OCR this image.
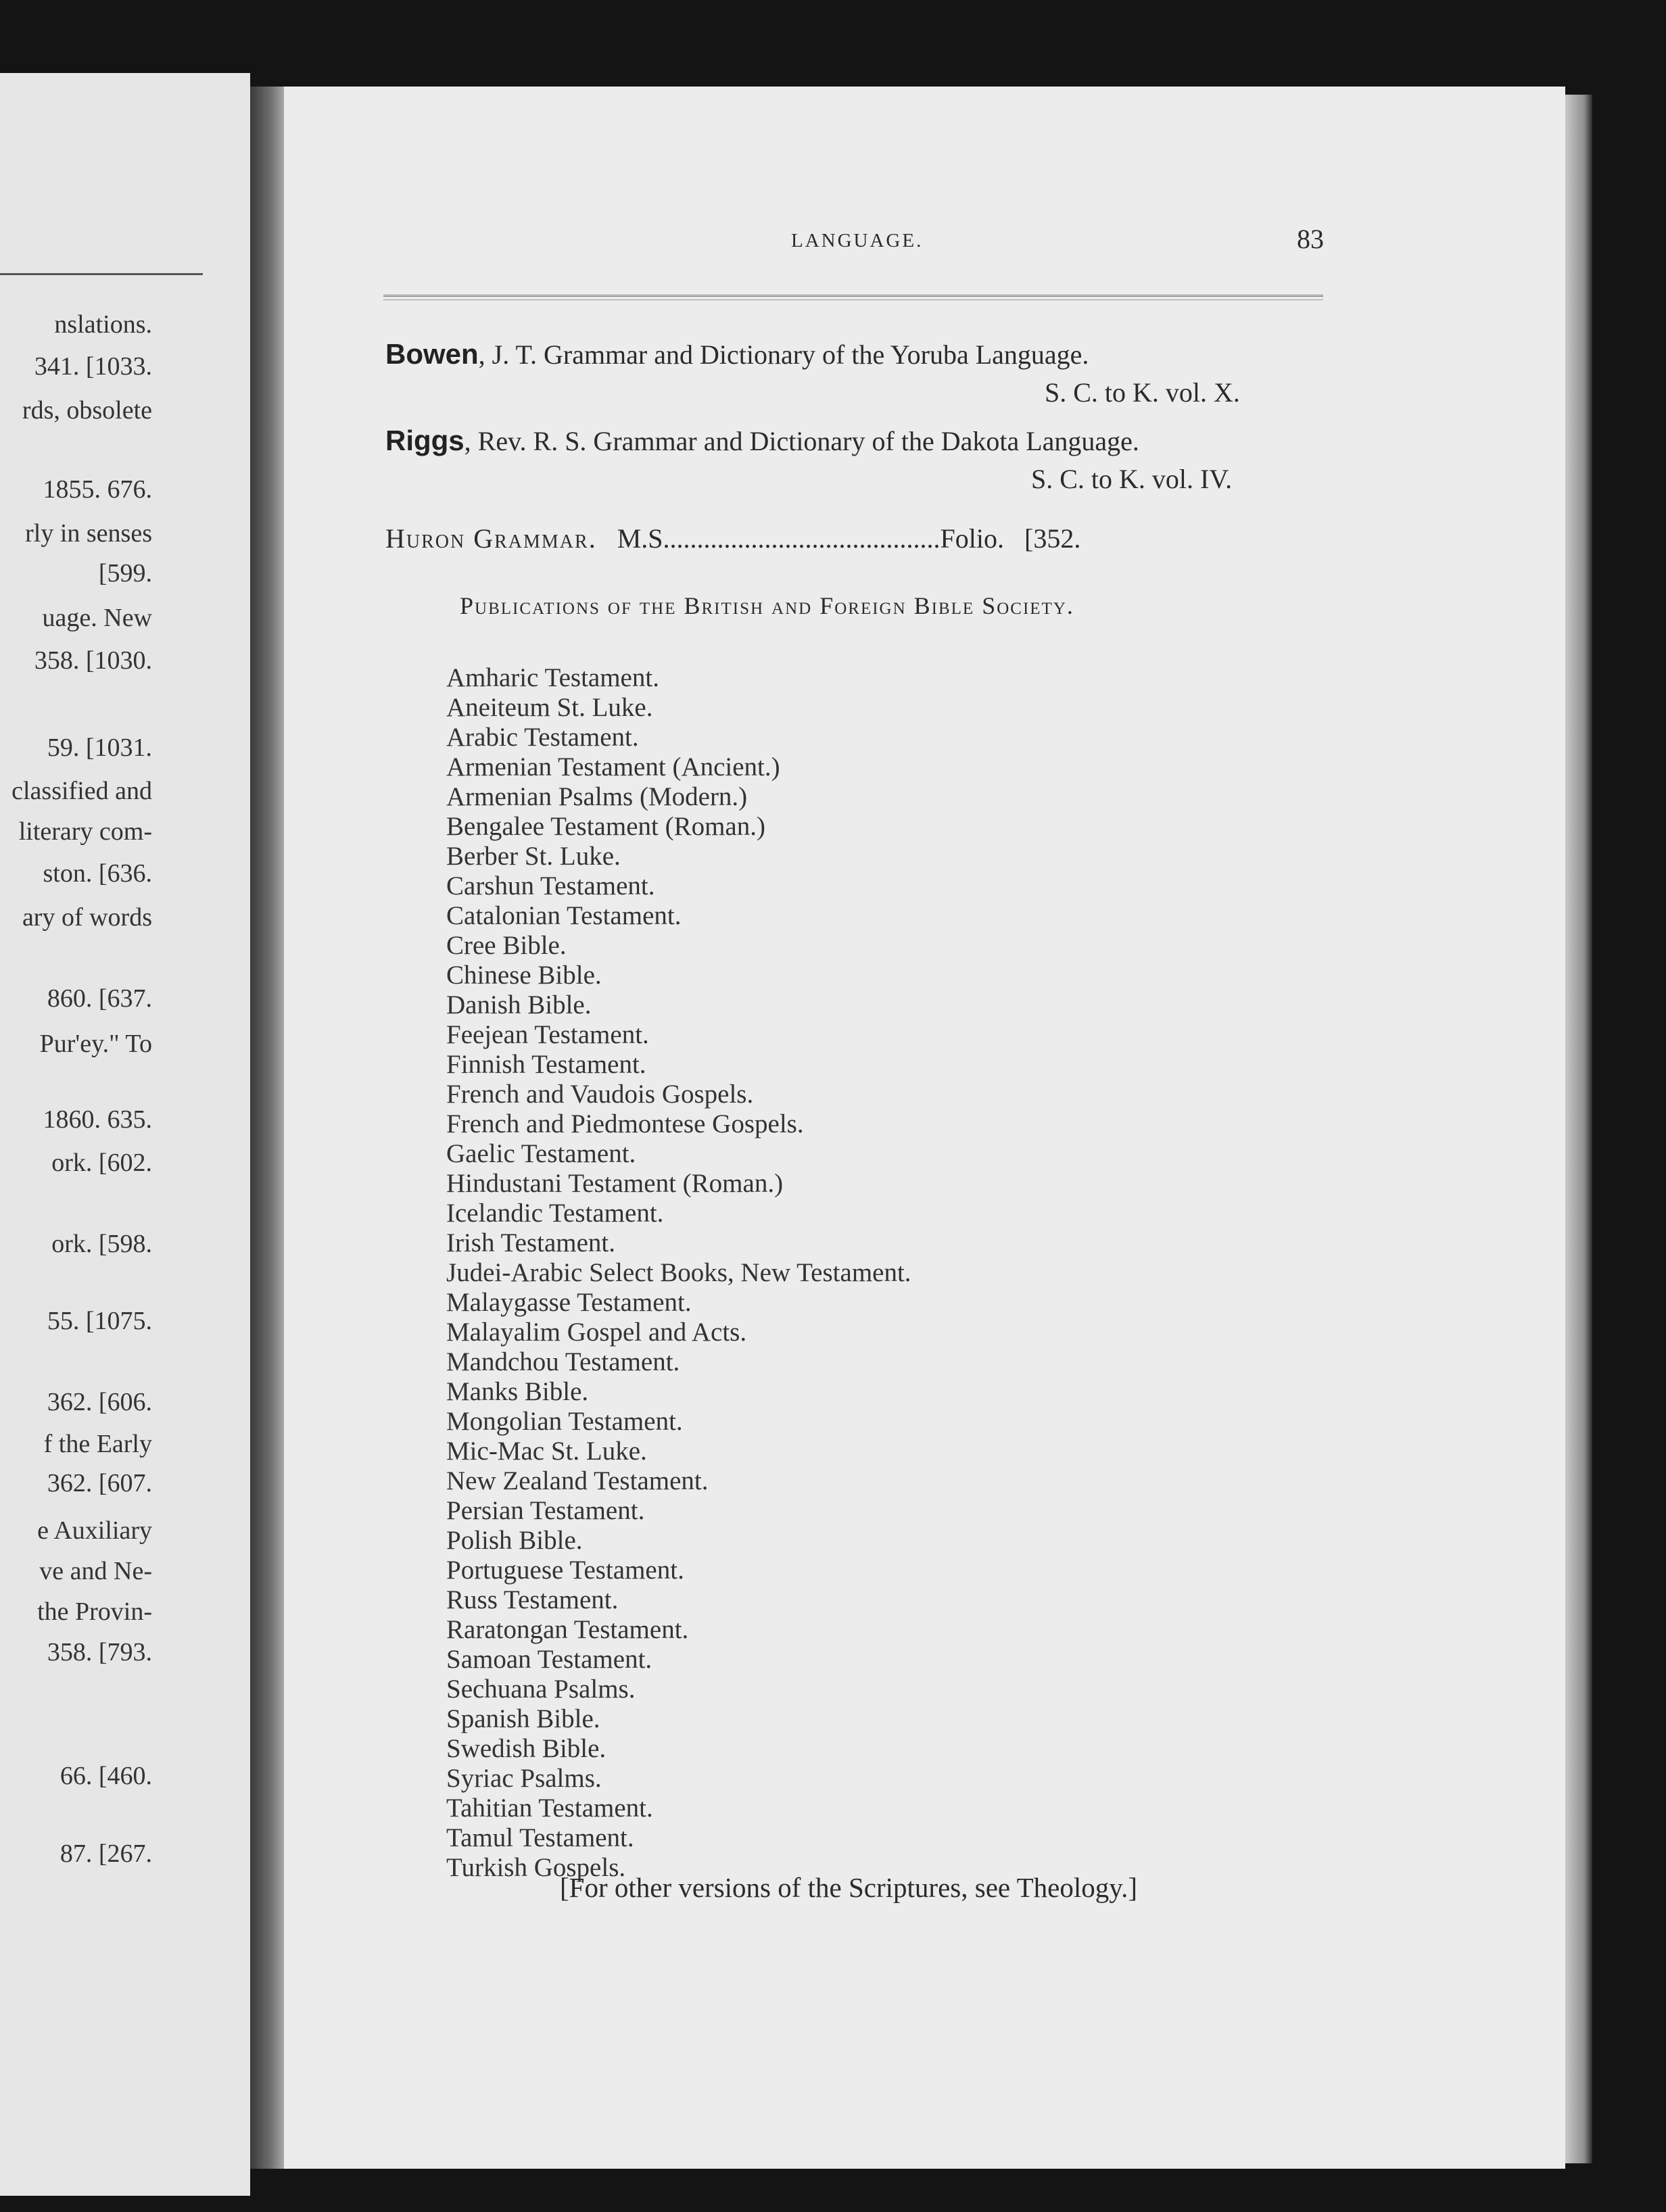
nslations.
341. [1033.
rds, obsolete
1855. 676.
rly in senses
[599.
uage. New
358. [1030.
59. [1031.
classified and
literary com-
ston. [636.
ary of words
860. [637.
Pur'ey." To
1860. 635.
ork. [602.
ork. [598.
55. [1075.
362. [606.
f the Early
362. [607.
e Auxiliary
ve and Ne-
the Provin-
358. [793.
66. [460.
87. [267.
LANGUAGE.	83
Bowen, J. T. Grammar and Dictionary of the Yoruba Language.
S. C. to K. vol. X.
Riggs, Rev. R. S. Grammar and Dictionary of the Dakota Language.
S. C. to K. vol. IV.
Huron Grammar. M.S.........................................Folio. [352.
Publications of the British and Foreign Bible Society.
Amharic Testament.
Aneiteum St. Luke.
Arabic Testament.
Armenian Testament (Ancient.)
Armenian Psalms (Modern.)
Bengalee Testament (Roman.)
Berber St. Luke.
Carshun Testament.
Catalonian Testament.
Cree Bible.
Chinese Bible.
Danish Bible.
Feejean Testament.
Finnish Testament.
French and Vaudois Gospels.
French and Piedmontese Gospels.
Gaelic Testament.
Hindustani Testament (Roman.)
Icelandic Testament.
Irish Testament.
Judei-Arabic Select Books, New Testament.
Malaygasse Testament.
Malayalim Gospel and Acts.
Mandchou Testament.
Manks Bible.
Mongolian Testament.
Mic-Mac St. Luke.
New Zealand Testament.
Persian Testament.
Polish Bible.
Portuguese Testament.
Russ Testament.
Raratongan Testament.
Samoan Testament.
Sechuana Psalms.
Spanish Bible.
Swedish Bible.
Syriac Psalms.
Tahitian Testament.
Tamul Testament.
Turkish Gospels.
[For other versions of the Scriptures, see Theology.]
